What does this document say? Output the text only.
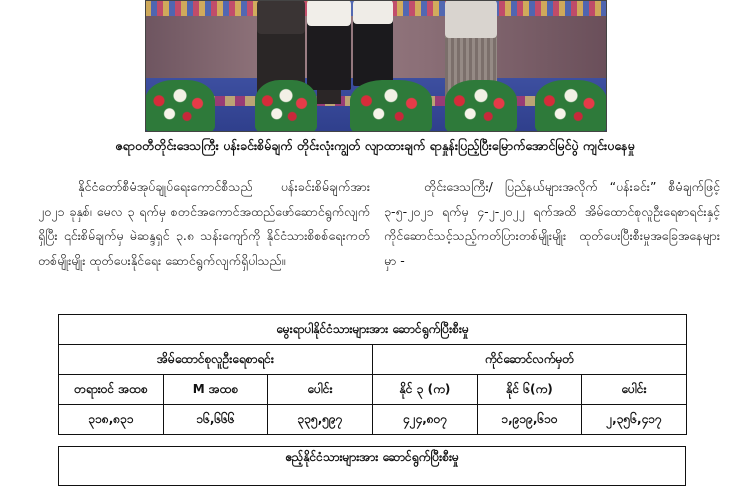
ဇရာဝတီတိုင်းဒေသကြီး ပန်းခင်းစိမ်ချက် တိုင်းလုံးကျွတ် လျာထားချက် ရာနှုန်းပြည့်ပြီးမြောက်အောင်မြင်ပွဲ ကျင်းပနေမှု

နိုင်ငံတော်စီမံအုပ်ချုပ်ရေးကောင်စီသည် ပန်းခင်းစိမ်ချက်အား ၂၀၂၁ ခုနှစ်၊ မေလ ၃ ရက်မှ စတင်အကောင်အထည်ဖော်ဆောင်ရွက်လျက်ရှိပြီး ၎င်းစိမ်ချက်မှ မဲဆန္ဒရှင် ၃.၈ သန်းကျော်ကို နိုင်ငံသားစိစစ်ရေးကတ်တစ်မျိုးမျိုး ထုတ်ပေးနိုင်ရေး ဆောင်ရွက်လျက်ရှိပါသည်။

တိုင်းဒေသကြီး/ ပြည်နယ်များအလိုက် “ပန်းခင်း” စီမံချက်ဖြင့် ၃-၅-၂၀၂၁ ရက်မှ ၄-၂-၂၀၂၂ ရက်အထိ အိမ်ထောင်စုလူဦးရေစာရင်းနှင့် ကိုင်ဆောင်သင့်သည့်ကတ်ပြားတစ်မျိုးမျိုး ထုတ်ပေးပြီးစီးမှုအခြေအနေများမှာ -

မွေးရာပါနိုင်ငံသားများအား ဆောင်ရွက်ပြီးစီးမှု					
အိမ်ထောင်စုလူဦးရေစာရင်း			ကိုင်ဆောင်လက်မှတ်		
တရားဝင် အထစ	M အထစ	ပေါင်း	နိုင် ၃ (က)	နိုင် ၆(က)	ပေါင်း
၃၁၈,၈၃၁	၁၆,၆၆၆	၃၃၅,၅၉၇	၄၂၄,၈၀၇	၁,၉၁၉,၆၁၀	၂,၃၅၆,၄၁၇
ဧည့်နိုင်ငံသားများအား ဆောင်ရွက်ပြီးစီးမှု
